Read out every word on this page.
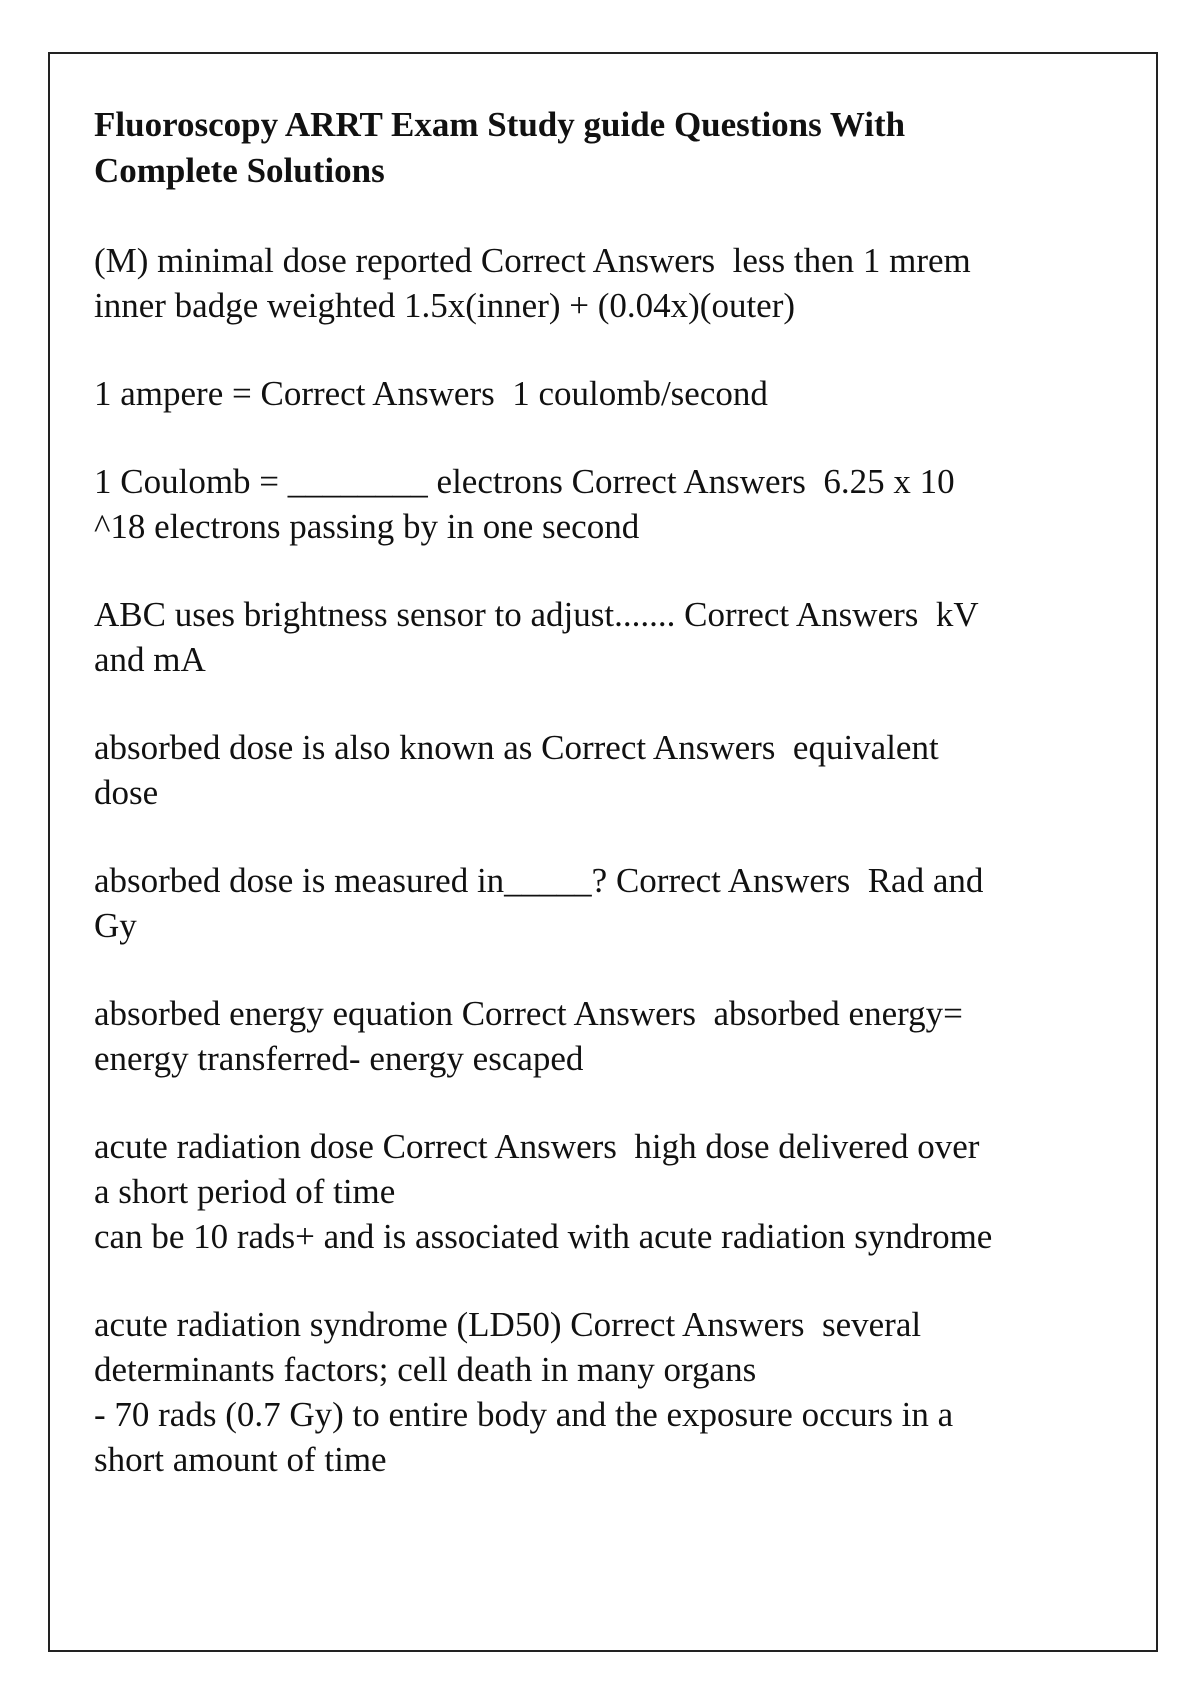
Fluoroscopy ARRT Exam Study guide Questions With Complete Solutions
(M) minimal dose reported Correct Answers  less then 1 mrem
inner badge weighted 1.5x(inner) + (0.04x)(outer)
1 ampere = Correct Answers  1 coulomb/second
1 Coulomb = ________ electrons Correct Answers  6.25 x 10
^18 electrons passing by in one second
ABC uses brightness sensor to adjust....... Correct Answers  kV
and mA
absorbed dose is also known as Correct Answers  equivalent
dose
absorbed dose is measured in_____? Correct Answers  Rad and
Gy
absorbed energy equation Correct Answers  absorbed energy=
energy transferred- energy escaped
acute radiation dose Correct Answers  high dose delivered over
a short period of time
can be 10 rads+ and is associated with acute radiation syndrome
acute radiation syndrome (LD50) Correct Answers  several
determinants factors; cell death in many organs
- 70 rads (0.7 Gy) to entire body and the exposure occurs in a
short amount of time
